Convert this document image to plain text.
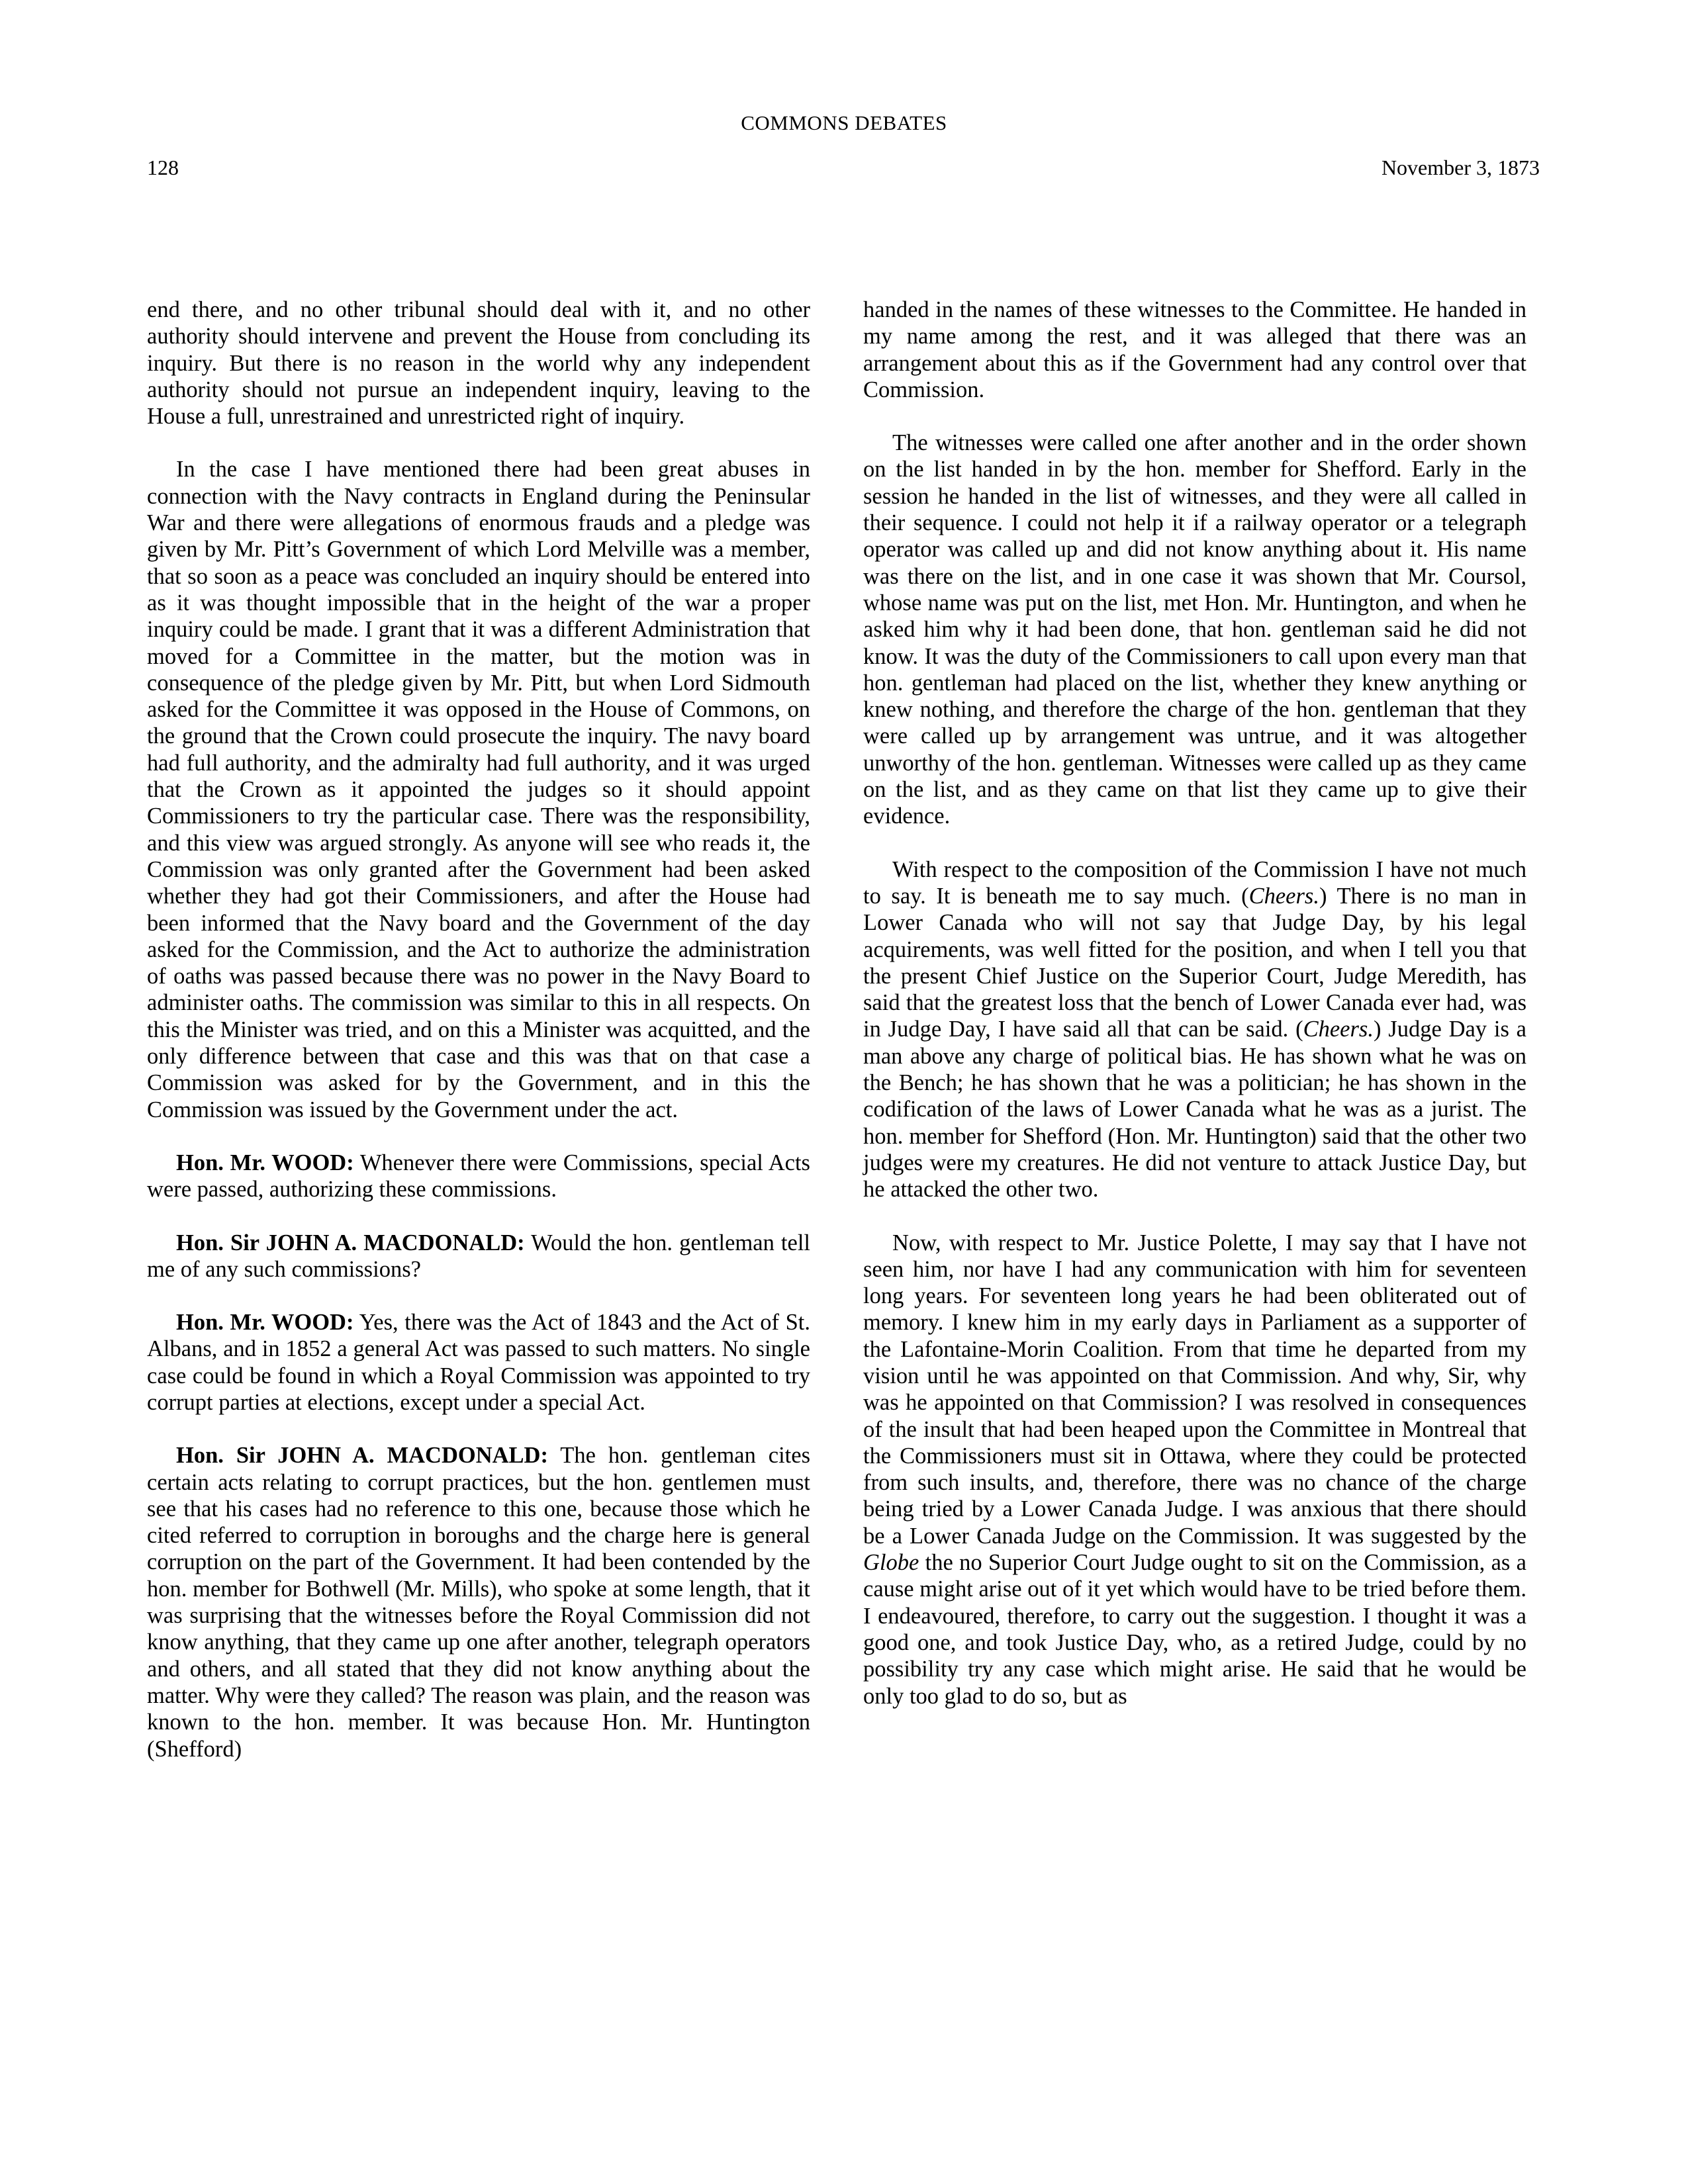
COMMONS DEBATES
128	November 3, 1873

end there, and no other tribunal should deal with it, and no other authority should intervene and prevent the House from concluding its inquiry. But there is no reason in the world why any independent authority should not pursue an independent inquiry, leaving to the House a full, unrestrained and unrestricted right of inquiry.

In the case I have mentioned there had been great abuses in connection with the Navy contracts in England during the Peninsular War and there were allegations of enormous frauds and a pledge was given by Mr. Pitt’s Government of which Lord Melville was a member, that so soon as a peace was concluded an inquiry should be entered into as it was thought impossible that in the height of the war a proper inquiry could be made. I grant that it was a different Administration that moved for a Committee in the matter, but the motion was in consequence of the pledge given by Mr. Pitt, but when Lord Sidmouth asked for the Committee it was opposed in the House of Commons, on the ground that the Crown could prosecute the inquiry. The navy board had full authority, and the admiralty had full authority, and it was urged that the Crown as it appointed the judges so it should appoint Commissioners to try the particular case. There was the responsibility, and this view was argued strongly. As anyone will see who reads it, the Commission was only granted after the Government had been asked whether they had got their Commissioners, and after the House had been informed that the Navy board and the Government of the day asked for the Commission, and the Act to authorize the administration of oaths was passed because there was no power in the Navy Board to administer oaths. The commission was similar to this in all respects. On this the Minister was tried, and on this a Minister was acquitted, and the only difference between that case and this was that on that case a Commission was asked for by the Government, and in this the Commission was issued by the Government under the act.

Hon. Mr. WOOD: Whenever there were Commissions, special Acts were passed, authorizing these commissions.

Hon. Sir JOHN A. MACDONALD: Would the hon. gentleman tell me of any such commissions?

Hon. Mr. WOOD: Yes, there was the Act of 1843 and the Act of St. Albans, and in 1852 a general Act was passed to such matters. No single case could be found in which a Royal Commission was appointed to try corrupt parties at elections, except under a special Act.

Hon. Sir JOHN A. MACDONALD: The hon. gentleman cites certain acts relating to corrupt practices, but the hon. gentlemen must see that his cases had no reference to this one, because those which he cited referred to corruption in boroughs and the charge here is general corruption on the part of the Government. It had been contended by the hon. member for Bothwell (Mr. Mills), who spoke at some length, that it was surprising that the witnesses before the Royal Commission did not know anything, that they came up one after another, telegraph operators and others, and all stated that they did not know anything about the matter. Why were they called? The reason was plain, and the reason was known to the hon. member. It was because Hon. Mr. Huntington (Shefford)

handed in the names of these witnesses to the Committee. He handed in my name among the rest, and it was alleged that there was an arrangement about this as if the Government had any control over that Commission.

The witnesses were called one after another and in the order shown on the list handed in by the hon. member for Shefford. Early in the session he handed in the list of witnesses, and they were all called in their sequence. I could not help it if a railway operator or a telegraph operator was called up and did not know anything about it. His name was there on the list, and in one case it was shown that Mr. Coursol, whose name was put on the list, met Hon. Mr. Huntington, and when he asked him why it had been done, that hon. gentleman said he did not know. It was the duty of the Commissioners to call upon every man that hon. gentleman had placed on the list, whether they knew anything or knew nothing, and therefore the charge of the hon. gentleman that they were called up by arrangement was untrue, and it was altogether unworthy of the hon. gentleman. Witnesses were called up as they came on the list, and as they came on that list they came up to give their evidence.

With respect to the composition of the Commission I have not much to say. It is beneath me to say much. (Cheers.) There is no man in Lower Canada who will not say that Judge Day, by his legal acquirements, was well fitted for the position, and when I tell you that the present Chief Justice on the Superior Court, Judge Meredith, has said that the greatest loss that the bench of Lower Canada ever had, was in Judge Day, I have said all that can be said. (Cheers.) Judge Day is a man above any charge of political bias. He has shown what he was on the Bench; he has shown that he was a politician; he has shown in the codification of the laws of Lower Canada what he was as a jurist. The hon. member for Shefford (Hon. Mr. Huntington) said that the other two judges were my creatures. He did not venture to attack Justice Day, but he attacked the other two.

Now, with respect to Mr. Justice Polette, I may say that I have not seen him, nor have I had any communication with him for seventeen long years. For seventeen long years he had been obliterated out of memory. I knew him in my early days in Parliament as a supporter of the Lafontaine-Morin Coalition. From that time he departed from my vision until he was appointed on that Commission. And why, Sir, why was he appointed on that Commission? I was resolved in consequences of the insult that had been heaped upon the Committee in Montreal that the Commissioners must sit in Ottawa, where they could be protected from such insults, and, therefore, there was no chance of the charge being tried by a Lower Canada Judge. I was anxious that there should be a Lower Canada Judge on the Commission. It was suggested by the Globe the no Superior Court Judge ought to sit on the Commission, as a cause might arise out of it yet which would have to be tried before them. I endeavoured, therefore, to carry out the suggestion. I thought it was a good one, and took Justice Day, who, as a retired Judge, could by no possibility try any case which might arise. He said that he would be only too glad to do so, but as
